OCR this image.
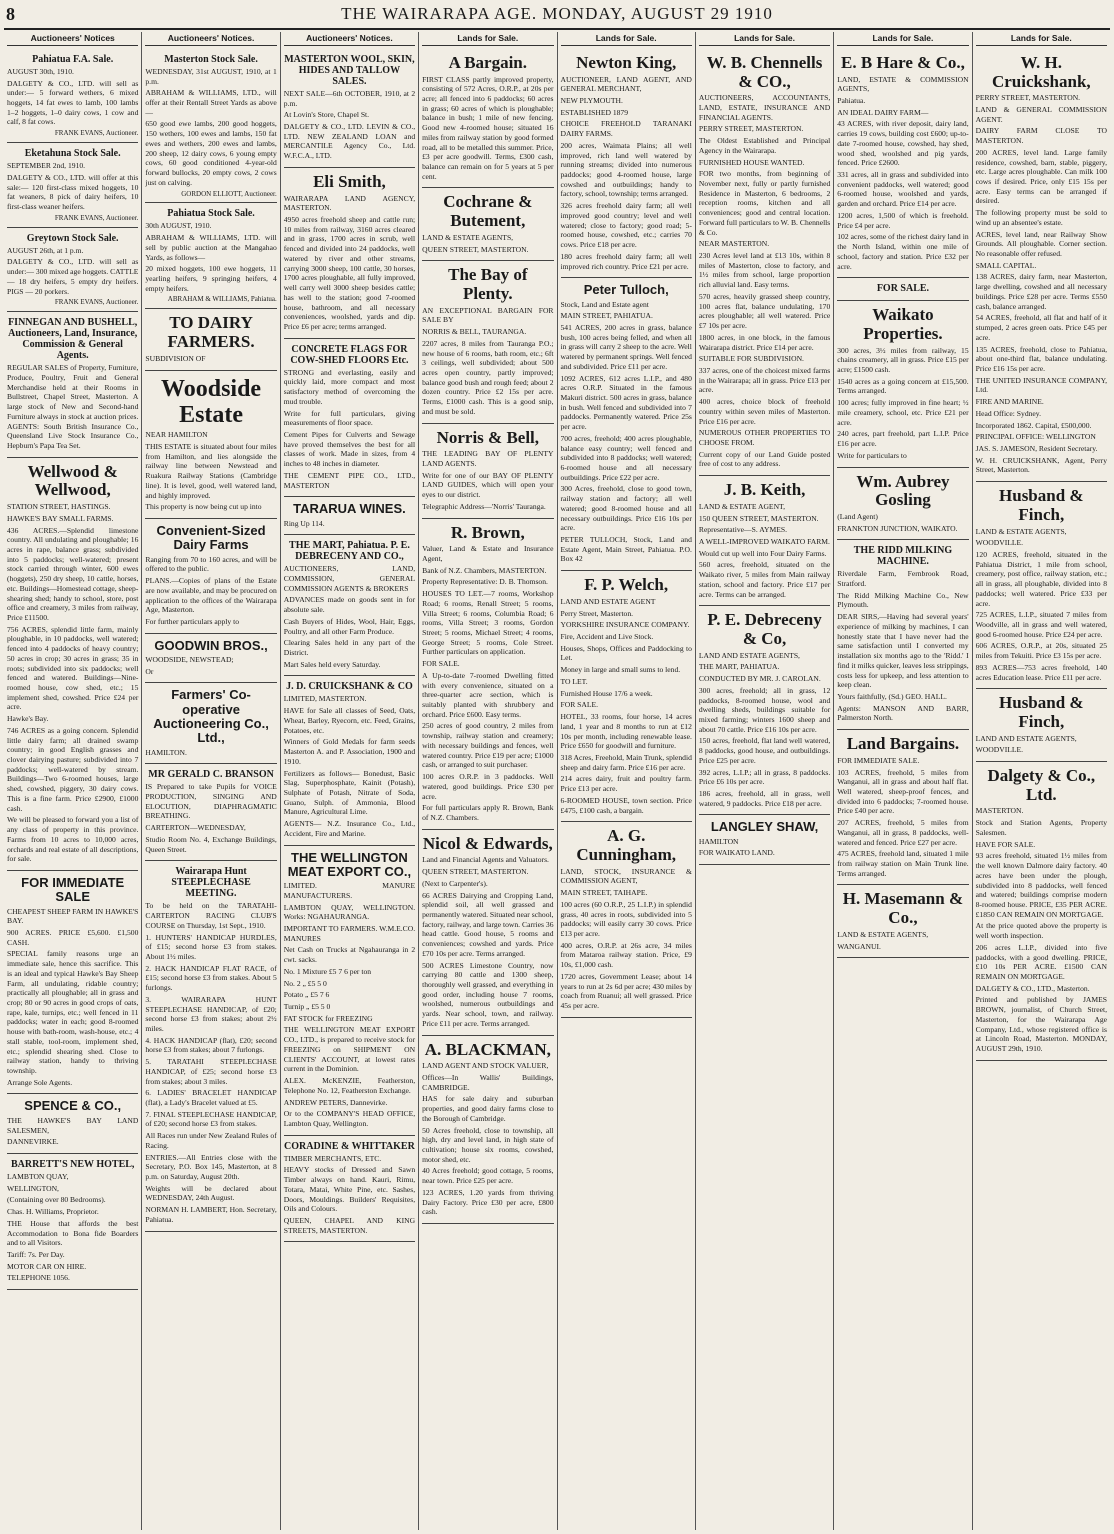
8	THE WAIRARAPA AGE. MONDAY, AUGUST 29 1910
Auctioneers' Notices
Pahiatua F.A. Sale.

AUGUST 30th, 1910.

DALGETY & CO., LTD. will sell as under:— 5 forward wethers, 6 mixed hoggets, 14 fat ewes to lamb, 100 lambs 1–2 hoggets, 1–0 dairy cows, 1 cow and calf, 8 fat cows.

FRANK EVANS, Auctioneer.
Eketahuna Stock Sale.

SEPTEMBER 2nd, 1910.

DALGETY & CO., LTD. will offer at this sale:— 120 first-class mixed hoggets, 10 fat weaners, 8 pick of dairy heifers, 10 first-class weaner heifers.

FRANK EVANS, Auctioneer.
Greytown Stock Sale.

AUGUST 26th, at 1 p.m.

DALGETY & CO., LTD. will sell as under:— 300 mixed age hoggets. CATTLE — 18 dry heifers, 5 empty dry heifers. PIGS — 20 porkers.

FRANK EVANS, Auctioneer.
FINNEGAN AND BUSHELL, Auctioneers, Land, Insurance, Commission & General Agents.

REGULAR SALES of Property, Furniture, Produce, Poultry, Fruit and General Merchandise held at their Rooms in Bullstreet, Chapel Street, Masterton. A large stock of New and Second-hand Furniture always in stock at auction prices. AGENTS: South British Insurance Co., Queensland Live Stock Insurance Co., Hepburn's Papa Tea Set.

Wellwood & Wellwood,

STATION STREET, HASTINGS.

HAWKE'S BAY SMALL FARMS.

436 ACRES.—Splendid limestone country. All undulating and ploughable; 16 acres in rape, balance grass; subdivided into 5 paddocks; well-watered; present stock carried through winter, 600 ewes (hoggets), 250 dry sheep, 10 cattle, horses, etc. Buildings—Homestead cottage, sheep-shearing shed; handy to school, store, post office and creamery, 3 miles from railway, Price £11500.

756 ACRES, splendid little farm, mainly ploughable, in 10 paddocks, well watered; fenced into 4 paddocks of heavy country; 50 acres in crop; 30 acres in grass; 35 in roots; subdivided into six paddocks; well fenced and watered. Buildings—Nine-roomed house, cow shed, etc.; 15 implement shed, cowshed. Price £24 per acre.

Hawke's Bay.

746 ACRES as a going concern. Splendid little dairy farm; all drained swamp country; in good English grasses and clover dairying pasture; subdivided into 7 paddocks; well-watered by stream. Buildings—Two 6-roomed houses, large shed, cowshed, piggery, 30 dairy cows. This is a fine farm. Price £2900, £1000 cash.

We will be pleased to forward you a list of any class of property in this province. Farms from 10 acres to 10,000 acres, orchards and real estate of all descriptions, for sale.

FOR IMMEDIATE SALE

CHEAPEST SHEEP FARM IN HAWKE'S BAY.

900 ACRES. PRICE £5,600. £1,500 CASH.

SPECIAL family reasons urge an immediate sale, hence this sacrifice. This is an ideal and typical Hawke's Bay Sheep Farm, all undulating, ridable country; practically all ploughable; all in grass and crop; 80 or 90 acres in good crops of oats, rape, kale, turnips, etc.; well fenced in 11 paddocks; water in each; good 8-roomed house with bath-room, wash-house, etc.; 4 stall stable, tool-room, implement shed, etc.; splendid shearing shed. Close to railway station, handy to thriving township.

Arrange Sole Agents.

SPENCE & CO.,

THE HAWKE'S BAY LAND SALESMEN,

DANNEVIRKE.

BARRETT'S NEW HOTEL,

LAMBTON QUAY,

WELLINGTON,

(Containing over 80 Bedrooms).

Chas. H. Williams, Proprietor.

THE House that affords the best Accommodation to Bona fide Boarders and to all Visitors.

Tariff: 7s. Per Day.

MOTOR CAR ON HIRE.

TELEPHONE 1056.

Auctioneers' Notices.
Masterton Stock Sale.

WEDNESDAY, 31st AUGUST, 1910, at 1 p.m.

ABRAHAM & WILLIAMS, LTD., will offer at their Rentall Street Yards as above—

650 good ewe lambs, 200 good hoggets, 150 wethers, 100 ewes and lambs, 150 fat ewes and wethers, 200 ewes and lambs, 200 sheep, 12 dairy cows, 6 young empty cows, 60 good conditioned 4-year-old forward bullocks, 20 empty cows, 2 cows just on calving.

GORDON ELLIOTT, Auctioneer.
Pahiatua Stock Sale.

30th AUGUST, 1910.

ABRAHAM & WILLIAMS, LTD. will sell by public auction at the Mangahao Yards, as follows—

20 mixed hoggets, 100 ewe hoggets, 11 yearling heifers, 9 springing heifers, 4 empty heifers.

ABRAHAM & WILLIAMS, Pahiatua.
TO DAIRY FARMERS.

SUBDIVISION OF

Woodside Estate

NEAR HAMILTON

THIS ESTATE is situated about four miles from Hamilton, and lies alongside the railway line between Newstead and Ruakura Railway Stations (Cambridge line). It is level, good, well watered land, and highly improved.

This property is now being cut up into

Convenient-Sized Dairy Farms

Ranging from 70 to 160 acres, and will be offered to the public.

PLANS.—Copies of plans of the Estate are now available, and may be procured on application to the offices of the Wairarapa Age, Masterton.

For further particulars apply to

GOODWIN BROS.,

WOODSIDE, NEWSTEAD;

Or

Farmers' Co-operative Auctioneering Co., Ltd.,

HAMILTON.

MR GERALD C. BRANSON

IS Prepared to take Pupils for VOICE PRODUCTION, SINGING AND ELOCUTION, DIAPHRAGMATIC BREATHING.

CARTERTON—WEDNESDAY,

Studio Room No. 4, Exchange Buildings, Queen Street.

Wairarapa Hunt STEEPLECHASE MEETING.

To be held on the TARATAHI-CARTERTON RACING CLUB'S COURSE on Thursday, 1st Sept., 1910.

1. HUNTERS' HANDICAP HURDLES, of £15; second horse £3 from stakes. About 1½ miles.

2. HACK HANDICAP FLAT RACE, of £15; second horse £3 from stakes. About 5 furlongs.

3. WAIRARAPA HUNT STEEPLECHASE HANDICAP, of £20; second horse £3 from stakes; about 2½ miles.

4. HACK HANDICAP (flat), £20; second horse £3 from stakes; about 7 furlongs.

5. TARATAHI STEEPLECHASE HANDICAP, of £25; second horse £3 from stakes; about 3 miles.

6. LADIES' BRACELET HANDICAP (flat), a Lady's Bracelet valued at £5.

7. FINAL STEEPLECHASE HANDICAP, of £20; second horse £3 from stakes.

All Races run under New Zealand Rules of Racing.

ENTRIES.—All Entries close with the Secretary, P.O. Box 145, Masterton, at 8 p.m. on Saturday, August 20th.

Weights will be declared about WEDNESDAY, 24th August.

NORMAN H. LAMBERT, Hon. Secretary, Pahiatua.

Auctioneers' Notices.
MASTERTON WOOL, SKIN, HIDES AND TALLOW SALES.

NEXT SALE—6th OCTOBER, 1910, at 2 p.m.

At Lovin's Store, Chapel St.

DALGETY & CO., LTD. LEVIN & CO., LTD. NEW ZEALAND LOAN and MERCANTILE Agency Co., Ltd. W.F.C.A., LTD.

Eli Smith,

WAIRARAPA LAND AGENCY, MASTERTON.

4950 acres freehold sheep and cattle run; 10 miles from railway, 3160 acres cleared and in grass, 1700 acres in scrub, well fenced and divided into 24 paddocks, well watered by river and other streams, carrying 3000 sheep, 100 cattle, 30 horses, 1700 acres ploughable, all fully improved, well carry well 3000 sheep besides cattle; has well to the station; good 7-roomed house, bathroom, and all necessary conveniences, woolshed, yards and dip. Price £6 per acre; terms arranged.

CONCRETE FLAGS FOR COW-SHED FLOORS Etc.

STRONG and everlasting, easily and quickly laid, more compact and most satisfactory method of overcoming the mud trouble.

Write for full particulars, giving measurements of floor space.

Cement Pipes for Culverts and Sewage have proved themselves the best for all classes of work. Made in sizes, from 4 inches to 48 inches in diameter.

THE CEMENT PIPE CO., LTD., MASTERTON

TARARUA WINES.

Ring Up 114.

THE MART, Pahiatua. P. E. DEBRECENY AND CO.,

AUCTIONEERS, LAND, COMMISSION, GENERAL COMMISSION AGENTS & BROKERS

ADVANCES made on goods sent in for absolute sale.

Cash Buyers of Hides, Wool, Hair, Eggs, Poultry, and all other Farm Produce.

Clearing Sales held in any part of the District.

Mart Sales held every Saturday.

J. D. CRUICKSHANK & CO

LIMITED, MASTERTON.

HAVE for Sale all classes of Seed, Oats, Wheat, Barley, Ryecorn, etc. Feed, Grains, Potatoes, etc.

Winners of Gold Medals for farm seeds Masterton A. and P. Association, 1900 and 1910.

Fertilizers as follows— Bonedust, Basic Slag, Superphosphate, Kainit (Potash), Sulphate of Potash, Nitrate of Soda, Guano, Sulph. of Ammonia, Blood Manure, Agricultural Lime.

AGENTS— N.Z. Insurance Co., Ltd., Accident, Fire and Marine.

THE WELLINGTON MEAT EXPORT CO.,

LIMITED. MANURE MANUFACTURERS.

LAMBTON QUAY, WELLINGTON. Works: NGAHAURANGA.

IMPORTANT TO FARMERS. W.M.E.CO. MANURES

Net Cash on Trucks at Ngahauranga in 2 cwt. sacks.

No. 1 Mixture £5 7 6 per ton

No. 2 „ £5 5 0

Potato „ £5 7 6

Turnip „ £5 5 0

FAT STOCK for FREEZING

THE WELLINGTON MEAT EXPORT CO., LTD., is prepared to receive stock for FREEZING on SHIPMENT ON CLIENTS' ACCOUNT, at lowest rates current in the Dominion.

ALEX. McKENZIE, Featherston, Telephone No. 12, Featherston Exchange.

ANDREW PETERS, Dannevirke.

Or to the COMPANY'S HEAD OFFICE, Lambton Quay, Wellington.

CORADINE & WHITTAKER

TIMBER MERCHANTS, ETC.

HEAVY stocks of Dressed and Sawn Timber always on hand. Kauri, Rimu, Totara, Matai, White Pine, etc. Sashes, Doors, Mouldings. Builders' Requisites, Oils and Colours.

QUEEN, CHAPEL AND KING STREETS, MASTERTON.

Lands for Sale.
A Bargain.

FIRST CLASS partly improved property, consisting of 572 Acres, O.R.P., at 20s per acre; all fenced into 6 paddocks; 60 acres in grass; 60 acres of which is ploughable; balance in bush; 1 mile of new fencing. Good new 4-roomed house; situated 16 miles from railway station by good formed road, all to be metalled this summer. Price, £3 per acre goodwill. Terms, £300 cash, balance can remain on for 5 years at 5 per cent.

Cochrane & Butement,

LAND & ESTATE AGENTS,

QUEEN STREET, MASTERTON.

The Bay of Plenty.

AN EXCEPTIONAL BARGAIN FOR SALE BY

NORRIS & BELL, TAURANGA.

2207 acres, 8 miles from Tauranga P.O.; new house of 6 rooms, bath room, etc.; 6ft 3 ceilings, well subdivided; about 500 acres open country, partly improved; balance good bush and rough feed; about 2 dozen country. Price £2 15s per acre. Terms, £1000 cash. This is a good snip, and must be sold.

Norris & Bell,

THE LEADING BAY OF PLENTY LAND AGENTS.

Write for one of our BAY OF PLENTY LAND GUIDES, which will open your eyes to our district.

Telegraphic Address—'Norris' Tauranga.

R. Brown,

Valuer, Land & Estate and Insurance Agent,

Bank of N.Z. Chambers, MASTERTON.

Property Representative: D. B. Thomson.

HOUSES TO LET.—7 rooms, Workshop Road; 6 rooms, Renall Street; 5 rooms, Villa Street; 6 rooms, Columbia Road; 6 rooms, Villa Street; 3 rooms, Gordon Street; 5 rooms, Michael Street; 4 rooms, George Street; 5 rooms, Cole Street. Further particulars on application.

FOR SALE.

A Up-to-date 7-roomed Dwelling fitted with every convenience, situated on a three-quarter acre section, which is suitably planted with shrubbery and orchard. Price £600. Easy terms.

250 acres of good country, 2 miles from township, railway station and creamery; with necessary buildings and fences, well watered country. Price £19 per acre; £1000 cash, or arranged to suit purchaser.

100 acres O.R.P. in 3 paddocks. Well watered, good buildings. Price £30 per acre.

For full particulars apply R. Brown, Bank of N.Z. Chambers.

Nicol & Edwards,

Land and Financial Agents and Valuators.

QUEEN STREET, MASTERTON.

(Next to Carpenter's).

66 ACRES Dairying and Cropping Land, splendid soil, all well grassed and permanently watered. Situated near school, factory, railway, and large town. Carries 36 head cattle. Good house, 5 rooms and conveniences; cowshed and yards. Price £70 10s per acre. Terms arranged.

500 ACRES Limestone Country, now carrying 80 cattle and 1300 sheep, thoroughly well grassed, and everything in good order, including house 7 rooms, woolshed, numerous outbuildings and yards. Near school, town, and railway. Price £11 per acre. Terms arranged.

A. BLACKMAN,

LAND AGENT AND STOCK VALUER,

Offices—In Wallis' Buildings, CAMBRIDGE.

HAS for sale dairy and suburban properties, and good dairy farms close to the Borough of Cambridge.

50 Acres freehold, close to township, all high, dry and level land, in high state of cultivation; house six rooms, cowshed, motor shed, etc.

40 Acres freehold; good cottage, 5 rooms, near town. Price £25 per acre.

123 ACRES, 1.20 yards from thriving Dairy Factory. Price £30 per acre, £800 cash.

Lands for Sale.
Newton King,

AUCTIONEER, LAND AGENT, AND GENERAL MERCHANT,

NEW PLYMOUTH.

ESTABLISHED 1879

CHOICE FREEHOLD TARANAKI DAIRY FARMS.

200 acres, Waimata Plains; all well improved, rich land well watered by running streams; divided into numerous paddocks; good 4-roomed house, large cowshed and outbuildings; handy to factory, school, township; terms arranged.

326 acres freehold dairy farm; all well improved good country; level and well watered; close to factory; good road; 5-roomed house, cowshed, etc.; carries 70 cows. Price £18 per acre.

180 acres freehold dairy farm; all well improved rich country. Price £21 per acre.

Peter Tulloch,

Stock, Land and Estate agent

MAIN STREET, PAHIATUA.

541 ACRES, 200 acres in grass, balance bush, 100 acres being felled, and when all in grass will carry 2 sheep to the acre. Well watered by permanent springs. Well fenced and subdivided. Price £11 per acre.

1092 ACRES, 612 acres L.I.P., and 480 acres O.R.P. Situated in the famous Makuri district. 500 acres in grass, balance in bush. Well fenced and subdivided into 7 paddocks. Permanently watered. Price 25s per acre.

700 acres, freehold; 400 acres ploughable, balance easy country; well fenced and subdivided into 8 paddocks; well watered; 6-roomed house and all necessary outbuildings. Price £22 per acre.

300 Acres, freehold, close to good town, railway station and factory; all well watered; good 8-roomed house and all necessary outbuildings. Price £16 10s per acre.

PETER TULLOCH, Stock, Land and Estate Agent, Main Street, Pahiatua. P.O. Box 42

F. P. Welch,

LAND AND ESTATE AGENT

Perry Street, Masterton.

YORKSHIRE INSURANCE COMPANY.

Fire, Accident and Live Stock.

Houses, Shops, Offices and Paddocking to Let.

Money in large and small sums to lend.

TO LET.

Furnished House 17/6 a week.

FOR SALE.

HOTEL, 33 rooms, four horse, 14 acres land, 1 year and 8 months to run at £12 10s per month, including renewable lease. Price £650 for goodwill and furniture.

318 Acres, Freehold, Main Trunk, splendid sheep and dairy farm. Price £16 per acre.

214 acres dairy, fruit and poultry farm. Price £13 per acre.

6-ROOMED HOUSE, town section. Price £475, £100 cash, a bargain.

A. G. Cunningham,

LAND, STOCK, INSURANCE & COMMISSION AGENT,

MAIN STREET, TAIHAPE.

100 acres (60 O.R.P., 25 L.I.P.) in splendid grass, 40 acres in roots, subdivided into 5 paddocks; will easily carry 30 cows. Price £13 per acre.

400 acres, O.R.P. at 26s acre, 34 miles from Mataroa railway station. Price, £9 10s, £1,000 cash.

1720 acres, Government Lease; about 14 years to run at 2s 6d per acre; 430 miles by coach from Ruanui; all well grassed. Price 45s per acre.

Lands for Sale.
W. B. Chennells & CO.,

AUCTIONEERS, ACCOUNTANTS, LAND, ESTATE, INSURANCE AND FINANCIAL AGENTS.

PERRY STREET, MASTERTON.

The Oldest Established and Principal Agency in the Wairarapa.

FURNISHED HOUSE WANTED.

FOR two months, from beginning of November next, fully or partly furnished Residence in Masterton, 6 bedrooms, 2 reception rooms, kitchen and all conveniences; good and central location. Forward full particulars to W. B. Chennells & Co.

NEAR MASTERTON.

230 Acres level land at £13 10s, within 8 miles of Masterton, close to factory, and 1½ miles from school, large proportion rich alluvial land. Easy terms.

570 acres, heavily grassed sheep country, 100 acres flat, balance undulating, 170 acres ploughable; all well watered. Price £7 10s per acre.

1800 acres, in one block, in the famous Wairarapa district. Price £14 per acre.

SUITABLE FOR SUBDIVISION.

337 acres, one of the choicest mixed farms in the Wairarapa; all in grass. Price £13 per acre.

400 acres, choice block of freehold country within seven miles of Masterton. Price £16 per acre.

NUMEROUS OTHER PROPERTIES TO CHOOSE FROM.

Current copy of our Land Guide posted free of cost to any address.

J. B. Keith,

LAND & ESTATE AGENT,

150 QUEEN STREET, MASTERTON.

Representative—S. AYMES.

A WELL-IMPROVED WAIKATO FARM.

Would cut up well into Four Dairy Farms.

560 acres, freehold, situated on the Waikato river, 5 miles from Main railway station, school and factory. Price £17 per acre. Terms can be arranged.

P. E. Debreceny & Co,

LAND AND ESTATE AGENTS,

THE MART, PAHIATUA.

CONDUCTED BY MR. J. CAROLAN.

300 acres, freehold; all in grass, 12 paddocks, 8-roomed house, wool and dwelling sheds, buildings suitable for mixed farming; winters 1600 sheep and about 70 cattle. Price £16 10s per acre.

150 acres, freehold, flat land well watered, 8 paddocks, good house, and outbuildings. Price £25 per acre.

392 acres, L.I.P.; all in grass, 8 paddocks. Price £6 10s per acre.

186 acres, freehold, all in grass, well watered, 9 paddocks. Price £18 per acre.

LANGLEY SHAW,

HAMILTON

FOR WAIKATO LAND.

Lands for Sale.
E. B Hare & Co.,

LAND, ESTATE & COMMISSION AGENTS,

Pahiatua.

AN IDEAL DAIRY FARM—

43 ACRES, with river deposit, dairy land, carries 19 cows, building cost £600; up-to-date 7-roomed house, cowshed, hay shed, wood shed, woolshed and pig yards, fenced. Price £2600.

331 acres, all in grass and subdivided into convenient paddocks, well watered; good 6-roomed house, woolshed and yards, garden and orchard. Price £14 per acre.

1200 acres, 1,500 of which is freehold. Price £4 per acre.

102 acres, some of the richest dairy land in the North Island, within one mile of school, factory and station. Price £32 per acre.

FOR SALE.
Waikato Properties.

300 acres, 3½ miles from railway, 15 chains creamery, all in grass. Price £15 per acre; £1500 cash.

1540 acres as a going concern at £15,500. Terms arranged.

100 acres; fully improved in fine heart; ½ mile creamery, school, etc. Price £21 per acre.

240 acres, part freehold, part L.I.P. Price £16 per acre.

Write for particulars to

Wm. Aubrey Gosling

(Land Agent)

FRANKTON JUNCTION, WAIKATO.

THE RIDD MILKING MACHINE.

Riverdale Farm, Fernbrook Road, Stratford.

The Ridd Milking Machine Co., New Plymouth.

DEAR SIRS,—Having had several years' experience of milking by machines, I can honestly state that I have never had the same satisfaction until I converted my installation six months ago to the 'Ridd.' I find it milks quicker, leaves less strippings, costs less for upkeep, and less attention to keep clean.

Yours faithfully, (Sd.) GEO. HALL.

Agents: MANSON AND BARR, Palmerston North.

Land Bargains.

FOR IMMEDIATE SALE.

103 ACRES, freehold, 5 miles from Wanganui, all in grass and about half flat. Well watered, sheep-proof fences, and divided into 6 paddocks; 7-roomed house. Price £40 per acre.

207 ACRES, freehold, 5 miles from Wanganui, all in grass, 8 paddocks, well-watered and fenced. Price £27 per acre.

475 ACRES, freehold land, situated 1 mile from railway station on Main Trunk line. Terms arranged.

H. Masemann & Co.,

LAND & ESTATE AGENTS,

WANGANUI.

Lands for Sale.
W. H. Cruickshank,

PERRY STREET, MASTERTON.

LAND & GENERAL COMMISSION AGENT.

DAIRY FARM CLOSE TO MASTERTON.

200 ACRES, level land. Large family residence, cowshed, barn, stable, piggery, etc. Large acres ploughable. Can milk 100 cows if desired. Price, only £15 15s per acre. Easy terms can be arranged if desired.

The following property must be sold to wind up an absentee's estate.

ACRES, level land, near Railway Show Grounds. All ploughable. Corner section. No reasonable offer refused.

SMALL CAPITAL.

138 ACRES, dairy farm, near Masterton, large dwelling, cowshed and all necessary buildings. Price £28 per acre. Terms £550 cash, balance arranged.

54 ACRES, freehold, all flat and half of it stumped, 2 acres green oats. Price £45 per acre.

135 ACRES, freehold, close to Pahiatua, about one-third flat, balance undulating. Price £16 15s per acre.

THE UNITED INSURANCE COMPANY, Ltd.

FIRE AND MARINE.

Head Office: Sydney.

Incorporated 1862. Capital, £500,000.

PRINCIPAL OFFICE: WELLINGTON

JAS. S. JAMESON, Resident Secretary.

W. H. CRUICKSHANK, Agent, Perry Street, Masterton.

Husband & Finch,

LAND & ESTATE AGENTS,

WOODVILLE.

120 ACRES, freehold, situated in the Pahiatua District, 1 mile from school, creamery, post office, railway station, etc.; all in grass, all ploughable, divided into 8 paddocks; well watered. Price £33 per acre.

725 ACRES, L.I.P., situated 7 miles from Woodville, all in grass and well watered, good 6-roomed house. Price £24 per acre.

606 ACRES, O.R.P., at 20s, situated 25 miles from Tekuiti. Price £3 15s per acre.

893 ACRES—753 acres freehold, 140 acres Education lease. Price £11 per acre.

Husband & Finch,

LAND AND ESTATE AGENTS,

WOODVILLE.

Dalgety & Co., Ltd.

MASTERTON.

Stock and Station Agents, Property Salesmen.

HAVE FOR SALE.

93 acres freehold, situated 1½ miles from the well known Dalmore dairy factory. 40 acres have been under the plough, subdivided into 8 paddocks, well fenced and watered; buildings comprise modern 8-roomed house. PRICE, £35 PER ACRE. £1850 CAN REMAIN ON MORTGAGE.

At the price quoted above the property is well worth inspection.

206 acres L.I.P., divided into five paddocks, with a good dwelling. PRICE, £10 10s PER ACRE. £1500 CAN REMAIN ON MORTGAGE.

DALGETY & CO., LTD., Masterton.

Printed and published by JAMES BROWN, journalist, of Church Street, Masterton, for the Wairarapa Age Company, Ltd., whose registered office is at Lincoln Road, Masterton. MONDAY, AUGUST 29th, 1910.
